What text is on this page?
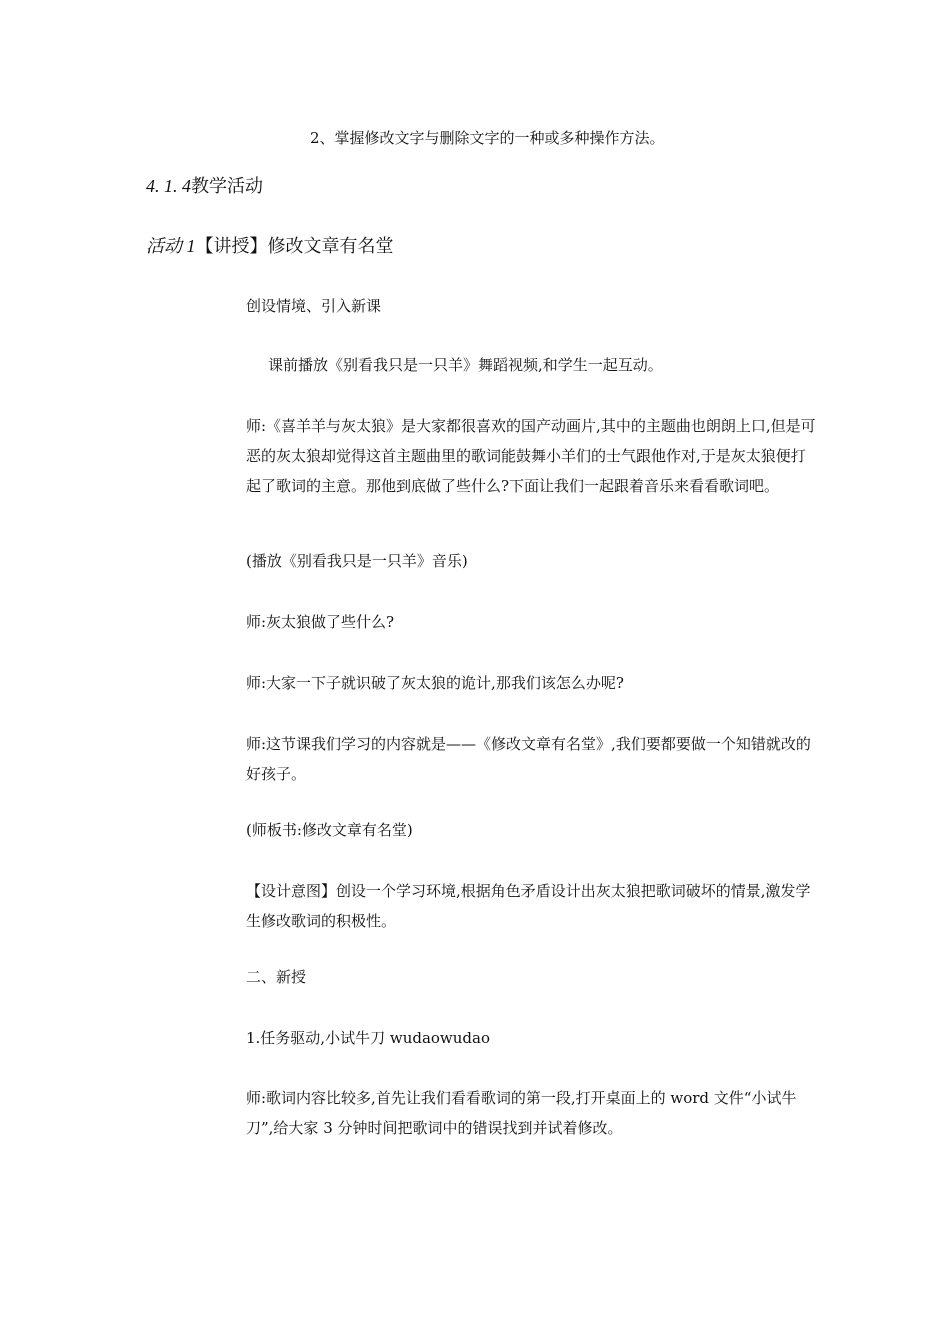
2、掌握修改文字与删除文字的一种或多种操作方法。
4. 1. 4教学活动
活动 1【讲授】修改文章有名堂
创设情境、引入新课
课前播放《别看我只是一只羊》舞蹈视频,和学生一起互动。
师:《喜羊羊与灰太狼》是大家都很喜欢的国产动画片,其中的主题曲也朗朗上口,但是可恶的灰太狼却觉得这首主题曲里的歌词能鼓舞小羊们的士气跟他作对,于是灰太狼便打起了歌词的主意。那他到底做了些什么?下面让我们一起跟着音乐来看看歌词吧。
(播放《别看我只是一只羊》音乐)
师:灰太狼做了些什么?
师:大家一下子就识破了灰太狼的诡计,那我们该怎么办呢?
师:这节课我们学习的内容就是——《修改文章有名堂》,我们要都要做一个知错就改的好孩子。
(师板书:修改文章有名堂)
【设计意图】创设一个学习环境,根据角色矛盾设计出灰太狼把歌词破坏的情景,激发学生修改歌词的积极性。
二、新授
1.任务驱动,小试牛刀 wudaowudao
师:歌词内容比较多,首先让我们看看歌词的第一段,打开桌面上的 word 文件“小试牛刀”,给大家 3 分钟时间把歌词中的错误找到并试着修改。
